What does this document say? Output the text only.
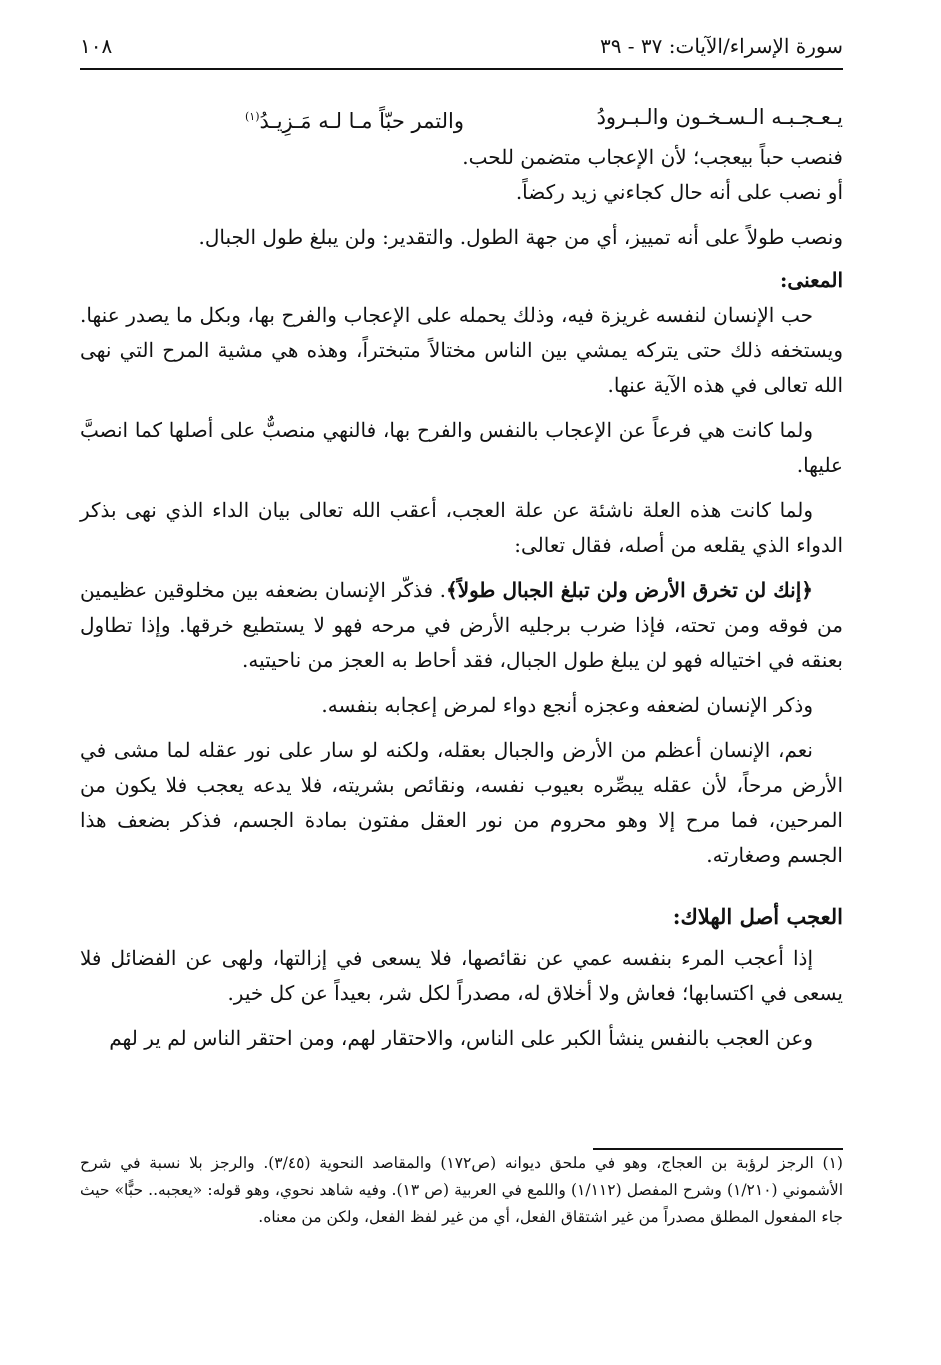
سورة الإسراء/الآيات: ٣٧ - ٣٩
١٠٨
يـعـجـبـه الـسـخـون والـبـرودُ
والتمر حبّاً مـا لـه مَـزِيـدُ$^{(١)}$

فنصب حباً بيعجب؛ لأن الإعجاب متضمن للحب.

أو نصب على أنه حال كجاءني زيد ركضاً.

ونصب طولاً على أنه تمييز، أي من جهة الطول. والتقدير: ولن يبلغ طول الجبال.

المعنى:

حب الإنسان لنفسه غريزة فيه، وذلك يحمله على الإعجاب والفرح بها، وبكل ما يصدر عنها. ويستخفه ذلك حتى يتركه يمشي بين الناس مختالاً متبختراً، وهذه هي مشية المرح التي نهى الله تعالى في هذه الآية عنها.

ولما كانت هي فرعاً عن الإعجاب بالنفس والفرح بها، فالنهي منصبٌّ على أصلها كما انصبَّ عليها.

ولما كانت هذه العلة ناشئة عن علة العجب، أعقب الله تعالى بيان الداء الذي نهى بذكر الدواء الذي يقلعه من أصله، فقال تعالى:

﴿إنك لن تخرق الأرض ولن تبلغ الجبال طولاً﴾. فذكّر الإنسان بضعفه بين مخلوقين عظيمين من فوقه ومن تحته، فإذا ضرب برجليه الأرض في مرحه فهو لا يستطيع خرقها. وإذا تطاول بعنقه في اختياله فهو لن يبلغ طول الجبال، فقد أحاط به العجز من ناحيتيه.

وذكر الإنسان لضعفه وعجزه أنجع دواء لمرض إعجابه بنفسه.

نعم، الإنسان أعظم من الأرض والجبال بعقله، ولكنه لو سار على نور عقله لما مشى في الأرض مرحاً، لأن عقله يبصِّره بعيوب نفسه، ونقائص بشريته، فلا يدعه يعجب فلا يكون من المرحين، فما مرح إلا وهو محروم من نور العقل مفتون بمادة الجسم، فذكر بضعف هذا الجسم وصغارته.

العجب أصل الهلاك:

إذا أعجب المرء بنفسه عمي عن نقائصها، فلا يسعى في إزالتها، ولهى عن الفضائل فلا يسعى في اكتسابها؛ فعاش ولا أخلاق له، مصدراً لكل شر، بعيداً عن كل خير.

وعن العجب بالنفس ينشأ الكبر على الناس، والاحتقار لهم، ومن احتقر الناس لم ير لهم

(١) الرجز لرؤبة بن العجاج، وهو في ملحق ديوانه (ص١٧٢) والمقاصد النحوية (٣/٤٥). والرجز بلا نسبة في شرح الأشموني (١/٢١٠) وشرح المفصل (١/١١٢) واللمع في العربية (ص ١٣). وفيه شاهد نحوي، وهو قوله: «يعجبه.. حبًّا» حيث جاء المفعول المطلق مصدراً من غير اشتقاق الفعل، أي من غير لفظ الفعل، ولكن من معناه.
